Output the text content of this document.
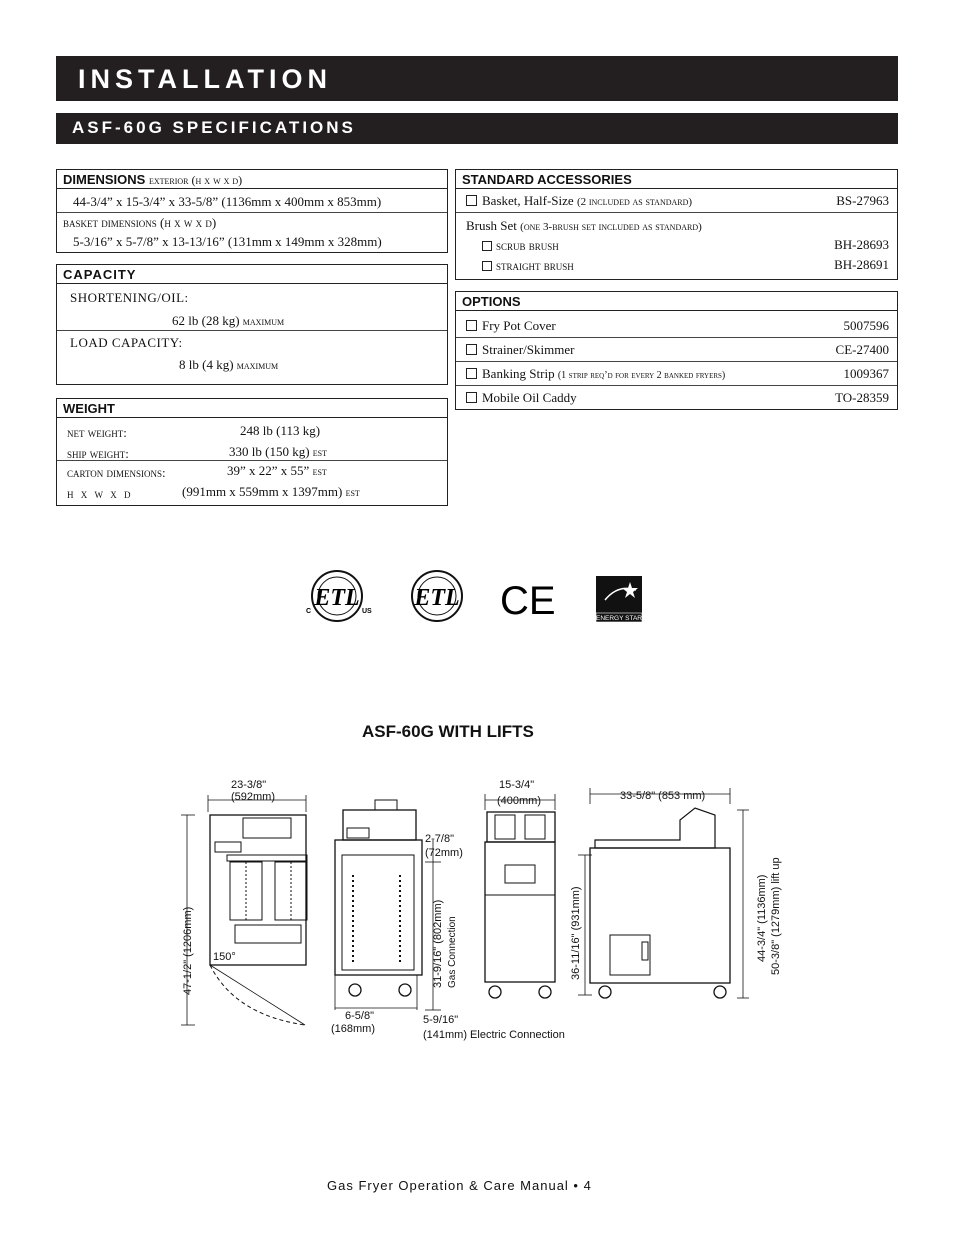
INSTALLATION
ASF-60G SPECIFICATIONS
DIMENSIONS exterior (h x w x d)
44-3/4” x 15-3/4” x 33-5/8” (1136mm x 400mm x 853mm)
basket dimensions (h x w x d)
5-3/16” x 5-7/8” x 13-13/16” (131mm x 149mm x 328mm)
CAPACITY
SHORTENING/OIL:
62 lb (28 kg) maximum
LOAD CAPACITY:
8 lb (4 kg) maximum
WEIGHT
net weight:	248 lb (113 kg)
ship weight:	330 lb (150 kg) est
carton dimensions:	39” x 22” x 55” est
h x w x d	(991mm x 559mm x 1397mm) est
STANDARD ACCESSORIES
Basket, Half-Size (2 included as standard)	BS-27963
Brush Set (one 3-brush set included as standard)
scrub brush	BH-28693
straight brush	BH-28691
OPTIONS
Fry Pot Cover	5007596
Strainer/Skimmer	CE-27400
Banking Strip (1 strip req’d for every 2 banked fryers)	1009367
Mobile Oil Caddy	TO-28359
ETL
C	US
ETL CE	ENERGY STAR
ASF-60G WITH LIFTS
23-3/8"
(592mm)
47-1/2" (1206mm) 150°
2-7/8"
(72mm)
31-9/16" (802mm) Gas Connection
6-5/8"
(168mm)
5-9/16"
(141mm) Electric Connection
15-3/4"
(400mm)
36-11/16" (931mm)
33-5/8" (853 mm)
44-3/4" (1136mm) 50-3/8" (1279mm) lift up
Gas Fryer Operation & Care Manual • 4
